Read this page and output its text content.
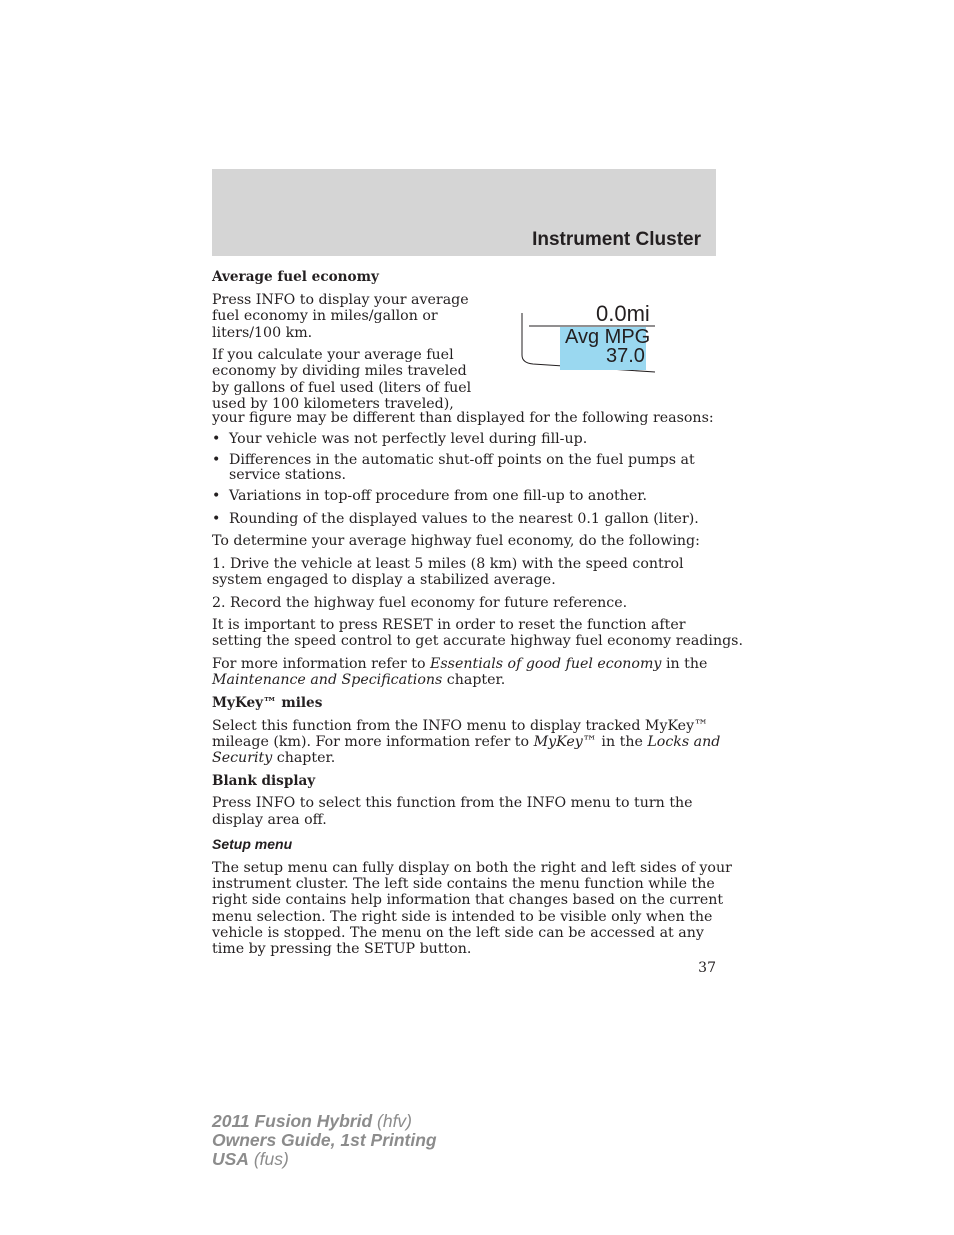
Instrument Cluster
Average fuel economy
Press INFO to display your average
fuel economy in miles/gallon or
liters/100 km.
If you calculate your average fuel
economy by dividing miles traveled
by gallons of fuel used (liters of fuel
used by 100 kilometers traveled),
your figure may be different than displayed for the following reasons:
0.0mi
Avg MPG
37.0
• Your vehicle was not perfectly level during fill-up.
• Differences in the automatic shut-off points on the fuel pumps at
service stations.
• Variations in top-off procedure from one fill-up to another.
• Rounding of the displayed values to the nearest 0.1 gallon (liter).
To determine your average highway fuel economy, do the following:
1. Drive the vehicle at least 5 miles (8 km) with the speed control
system engaged to display a stabilized average.
2. Record the highway fuel economy for future reference.
It is important to press RESET in order to reset the function after
setting the speed control to get accurate highway fuel economy readings.
For more information refer to Essentials of good fuel economy in the
Maintenance and Specifications chapter.
MyKey™ miles
Select this function from the INFO menu to display tracked MyKey™
mileage (km). For more information refer to MyKey™ in the Locks and
Security chapter.
Blank display
Press INFO to select this function from the INFO menu to turn the
display area off.
Setup menu
The setup menu can fully display on both the right and left sides of your
instrument cluster. The left side contains the menu function while the
right side contains help information that changes based on the current
menu selection. The right side is intended to be visible only when the
vehicle is stopped. The menu on the left side can be accessed at any
time by pressing the SETUP button.
37
2011 Fusion Hybrid (hfv)
Owners Guide, 1st Printing
USA (fus)
